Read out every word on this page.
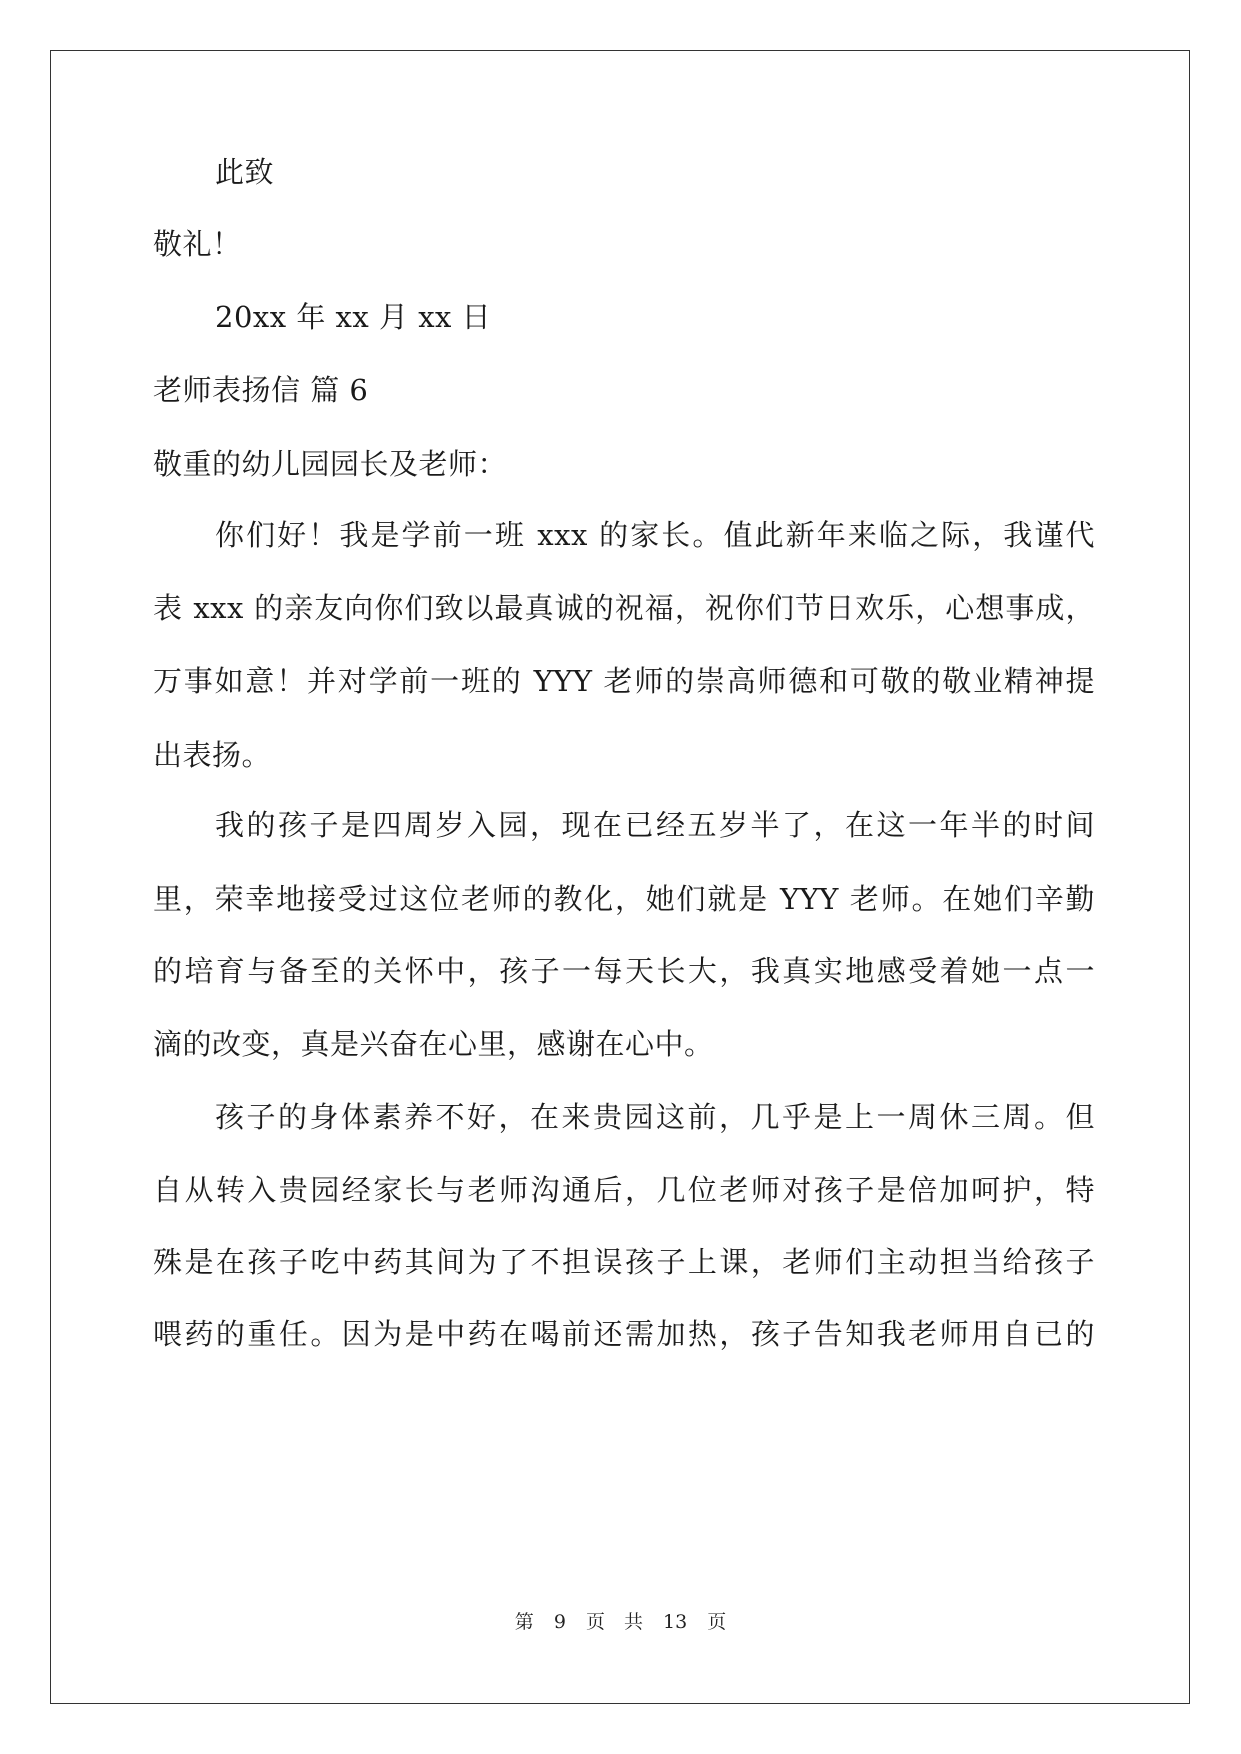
此致
敬礼！
20xx 年 xx 月 xx 日
老师表扬信 篇 6
敬重的幼儿园园长及老师：
你们好！我是学前一班 xxx 的家长。值此新年来临之际，我谨代
表 xxx 的亲友向你们致以最真诚的祝福，祝你们节日欢乐，心想事成，
万事如意！并对学前一班的 YYY 老师的崇高师德和可敬的敬业精神提
出表扬。
我的孩子是四周岁入园，现在已经五岁半了，在这一年半的时间
里，荣幸地接受过这位老师的教化，她们就是 YYY 老师。在她们辛勤
的培育与备至的关怀中，孩子一每天长大，我真实地感受着她一点一
滴的改变，真是兴奋在心里，感谢在心中。
孩子的身体素养不好，在来贵园这前，几乎是上一周休三周。但
自从转入贵园经家长与老师沟通后，几位老师对孩子是倍加呵护，特
殊是在孩子吃中药其间为了不担误孩子上课，老师们主动担当给孩子
喂药的重任。因为是中药在喝前还需加热，孩子告知我老师用自已的
第 9 页　共 13 页
